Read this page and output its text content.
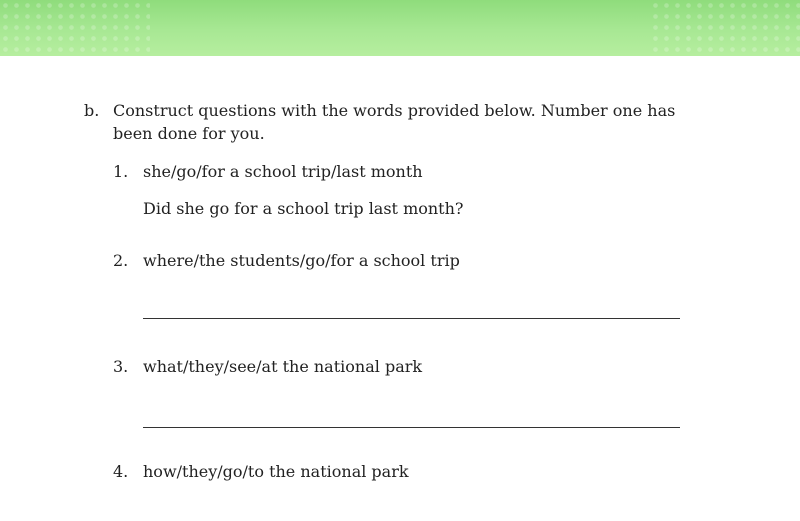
b. Construct questions with the words provided below. Number one has been done for you.
1. she/go/for a school trip/last month
Did she go for a school trip last month?
2. where/the students/go/for a school trip
3. what/they/see/at the national park
4. how/they/go/to the national park
